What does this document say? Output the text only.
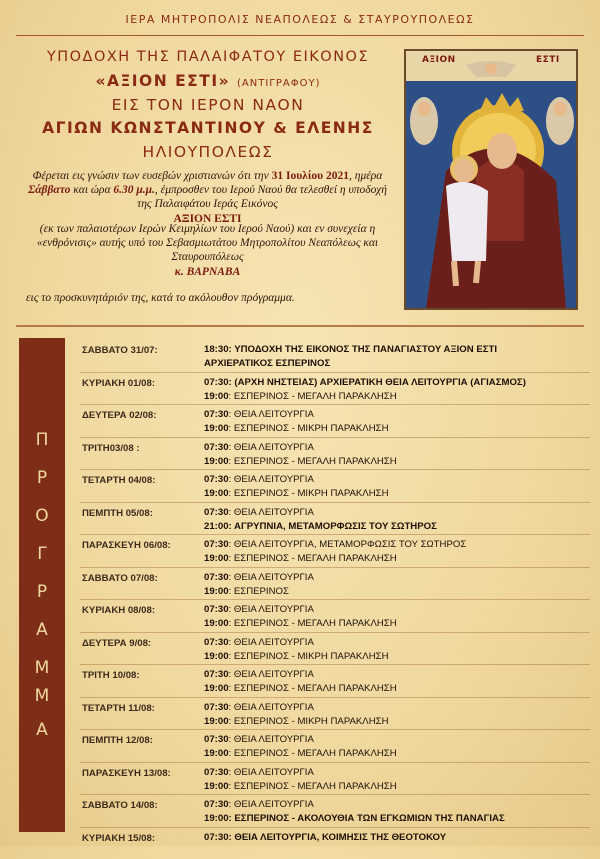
ΙΕΡΑ ΜΗΤΡΟΠΟΛΙΣ ΝΕΑΠΟΛΕΩΣ & ΣΤΑΥΡΟΥΠΟΛΕΩΣ
ΥΠΟΔΟΧΗ ΤΗΣ ΠΑΛΑΙΦΑΤΟΥ ΕΙΚΟΝΟΣ
«ΑΞΙΟΝ ΕΣΤΙ» (ΑΝΤΙΓΡΑΦΟΥ)
ΕΙΣ ΤΟΝ ΙΕΡΟΝ ΝΑΟΝ
ΑΓΙΩΝ ΚΩΝΣΤΑΝΤΙΝΟΥ & ΕΛΕΝΗΣ
ΗΛΙΟΥΠΟΛΕΩΣ
Φέρεται εις γνώσιν των ευσεβών χριστιανών ότι την 31 Ιουλίου 2021, ημέρα Σάββατο και ώρα 6.30 μ.μ., έμπροσθεν του Ιερού Ναού θα τελεσθεί η υποδοχή της Παλαιφάτου Ιεράς Εικόνος
ΑΞΙΟΝ ΕΣΤΙ
(εκ των παλαιοτέρων Ιερών Κειμηλίων του Ιερού Ναού) και εν συνεχεία η «ενθρόνισις» αυτής υπό του Σεβασμιωτάτου Μητροπολίτου Νεαπόλεως και Σταυρουπόλεως
κ. ΒΑΡΝΑΒΑ
εις το προσκυνητάριόν της, κατά το ακόλουθον πρόγραμμα.
ΑΞΙΟΝ	ΕΣΤΙ
Π
Ρ
Ο
Γ
Ρ
Α
Μ
Μ
Α
ΣΑΒΒΑΤΟ 31/07:	18:30: ΥΠΟΔΟΧΗ ΤΗΣ ΕΙΚΟΝΟΣ ΤΗΣ ΠΑΝΑΓΙΑΣΤΟΥ ΑΞΙΟΝ ΕΣΤΙ
ΑΡΧΙΕΡΑΤΙΚΟΣ ΕΣΠΕΡΙΝΟΣ
ΚΥΡΙΑΚΗ 01/08:	07:30: (ΑΡΧΗ ΝΗΣΤΕΙΑΣ) ΑΡΧΙΕΡΑΤΙΚΗ ΘΕΙΑ ΛΕΙΤΟΥΡΓΙΑ (ΑΓΙΑΣΜΟΣ)
19:00: ΕΣΠΕΡΙΝΟΣ - ΜΕΓΑΛΗ ΠΑΡΑΚΛΗΣΗ
ΔΕΥΤΕΡΑ 02/08:	07:30: ΘΕΙΑ ΛΕΙΤΟΥΡΓΙΑ
19:00: ΕΣΠΕΡΙΝΟΣ - ΜΙΚΡΗ ΠΑΡΑΚΛΗΣΗ
ΤΡΙΤΗ03/08 :	07:30: ΘΕΙΑ ΛΕΙΤΟΥΡΓΙΑ
19:00: ΕΣΠΕΡΙΝΟΣ - ΜΕΓΑΛΗ ΠΑΡΑΚΛΗΣΗ
ΤΕΤΑΡΤΗ 04/08:	07:30: ΘΕΙΑ ΛΕΙΤΟΥΡΓΙΑ
19:00: ΕΣΠΕΡΙΝΟΣ - ΜΙΚΡΗ ΠΑΡΑΚΛΗΣΗ
ΠΕΜΠΤΗ 05/08:	07:30: ΘΕΙΑ ΛΕΙΤΟΥΡΓΙΑ
21:00: ΑΓΡΥΠΝΙΑ, ΜΕΤΑΜΟΡΦΩΣΙΣ ΤΟΥ ΣΩΤΗΡΟΣ
ΠΑΡΑΣΚΕΥΗ 06/08:	07:30: ΘΕΙΑ ΛΕΙΤΟΥΡΓΙΑ, ΜΕΤΑΜΟΡΦΩΣΙΣ ΤΟΥ ΣΩΤΗΡΟΣ
19:00: ΕΣΠΕΡΙΝΟΣ - ΜΕΓΑΛΗ ΠΑΡΑΚΛΗΣΗ
ΣΑΒΒΑΤΟ 07/08:	07:30: ΘΕΙΑ ΛΕΙΤΟΥΡΓΙΑ
19:00: ΕΣΠΕΡΙΝΟΣ
ΚΥΡΙΑΚΗ 08/08:	07:30: ΘΕΙΑ ΛΕΙΤΟΥΡΓΙΑ
19:00: ΕΣΠΕΡΙΝΟΣ - ΜΕΓΑΛΗ ΠΑΡΑΚΛΗΣΗ
ΔΕΥΤΕΡΑ 9/08:	07:30: ΘΕΙΑ ΛΕΙΤΟΥΡΓΙΑ
19:00: ΕΣΠΕΡΙΝΟΣ - ΜΙΚΡΗ ΠΑΡΑΚΛΗΣΗ
ΤΡΙΤΗ 10/08:	07:30: ΘΕΙΑ ΛΕΙΤΟΥΡΓΙΑ
19:00: ΕΣΠΕΡΙΝΟΣ - ΜΕΓΑΛΗ ΠΑΡΑΚΛΗΣΗ
ΤΕΤΑΡΤΗ 11/08:	07:30: ΘΕΙΑ ΛΕΙΤΟΥΡΓΙΑ
19:00: ΕΣΠΕΡΙΝΟΣ - ΜΙΚΡΗ ΠΑΡΑΚΛΗΣΗ
ΠΕΜΠΤΗ 12/08:	07:30: ΘΕΙΑ ΛΕΙΤΟΥΡΓΙΑ
19:00: ΕΣΠΕΡΙΝΟΣ - ΜΕΓΑΛΗ ΠΑΡΑΚΛΗΣΗ
ΠΑΡΑΣΚΕΥΗ 13/08:	07:30: ΘΕΙΑ ΛΕΙΤΟΥΡΓΙΑ
19:00: ΕΣΠΕΡΙΝΟΣ - ΜΕΓΑΛΗ ΠΑΡΑΚΛΗΣΗ
ΣΑΒΒΑΤΟ 14/08:	07:30: ΘΕΙΑ ΛΕΙΤΟΥΡΓΙΑ
19:00: ΕΣΠΕΡΙΝΟΣ - ΑΚΟΛΟΥΘΙΑ ΤΩΝ ΕΓΚΩΜΙΩΝ ΤΗΣ ΠΑΝΑΓΙΑΣ
ΚΥΡΙΑΚΗ 15/08:	07:30: ΘΕΙΑ ΛΕΙΤΟΥΡΓΙΑ, ΚΟΙΜΗΣΙΣ ΤΗΣ ΘΕΟΤΟΚΟΥ
